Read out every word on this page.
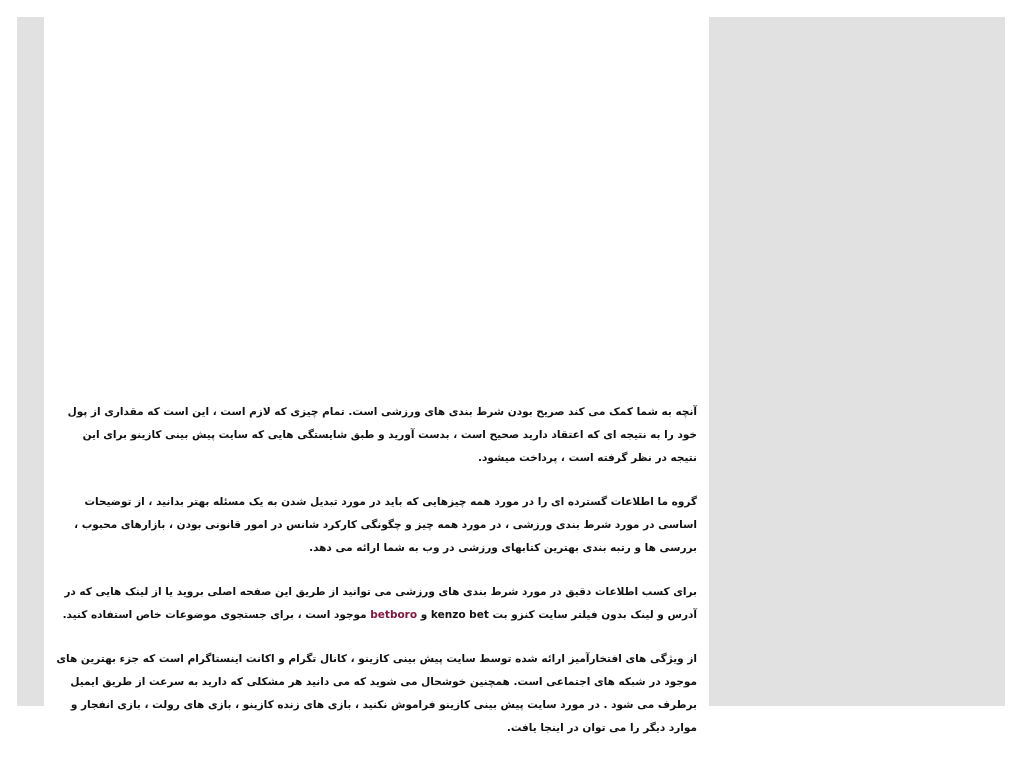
آنچه به شما کمک می کند صریح بودن شرط بندی های ورزشی است. تمام چیزی که لازم است ، این است که مقداری از پول خود را به نتیجه ای که اعتقاد دارید صحیح است ، بدست آورید و طبق شایستگی هایی که سایت پیش بینی کازینو برای این نتیجه در نظر گرفته است ، پرداخت میشود.

گروه ما اطلاعات گسترده ای را در مورد همه چیزهایی که باید در مورد تبدیل شدن به یک مسئله بهتر بدانید ، از توضیحات اساسی در مورد شرط بندی ورزشی ، در مورد همه چیز و چگونگی کارکرد شانس در امور قانونی بودن ، بازارهای محبوب ، بررسی ها و رتبه بندی بهترین کتابهای ورزشی در وب به شما ارائه می دهد.

برای کسب اطلاعات دقیق در مورد شرط بندی های ورزشی می توانید از طریق این صفحه اصلی بروید یا از لینک هایی که در آدرس و لینک بدون فیلتر سایت کنزو بت kenzo bet و betboro موجود است ، برای جستجوی موضوعات خاص استفاده کنید.

از ویژگی های افتخارآمیز ارائه شده توسط سایت پیش بینی کازینو ، کانال تگرام و اکانت اینستاگرام است که جزء بهترین های موجود در شبکه های اجتماعی است. همچنین خوشحال می شوید که می دانید هر مشکلی که دارید به سرعت از طریق ایمیل برطرف می شود . در مورد سایت پیش بینی کازینو فراموش نکنید ، بازی های زنده کازینو ، بازی های رولت ، بازی انفجار و موارد دیگر را می توان در اینجا یافت.
